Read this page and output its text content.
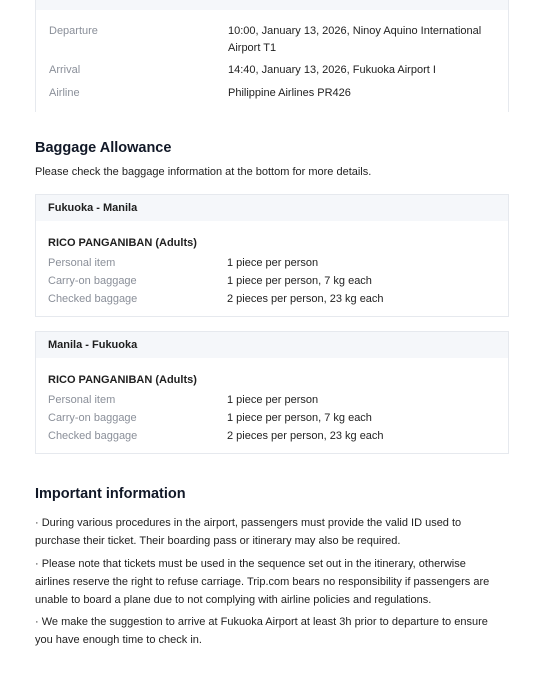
Departure	10:00, January 13, 2026, Ninoy Aquino International Airport T1
Arrival	14:40, January 13, 2026, Fukuoka Airport I
Airline	Philippine Airlines PR426
Baggage Allowance
Please check the baggage information at the bottom for more details.
Fukuoka - Manila
RICO PANGANIBAN (Adults)
Personal item	1 piece per person
Carry-on baggage	1 piece per person, 7 kg each
Checked baggage	2 pieces per person, 23 kg each
Manila - Fukuoka
RICO PANGANIBAN (Adults)
Personal item	1 piece per person
Carry-on baggage	1 piece per person, 7 kg each
Checked baggage	2 pieces per person, 23 kg each
Important information
· During various procedures in the airport, passengers must provide the valid ID used to purchase their ticket. Their boarding pass or itinerary may also be required.
· Please note that tickets must be used in the sequence set out in the itinerary, otherwise airlines reserve the right to refuse carriage. Trip.com bears no responsibility if passengers are unable to board a plane due to not complying with airline policies and regulations.
· We make the suggestion to arrive at Fukuoka Airport at least 3h prior to departure to ensure you have enough time to check in.
